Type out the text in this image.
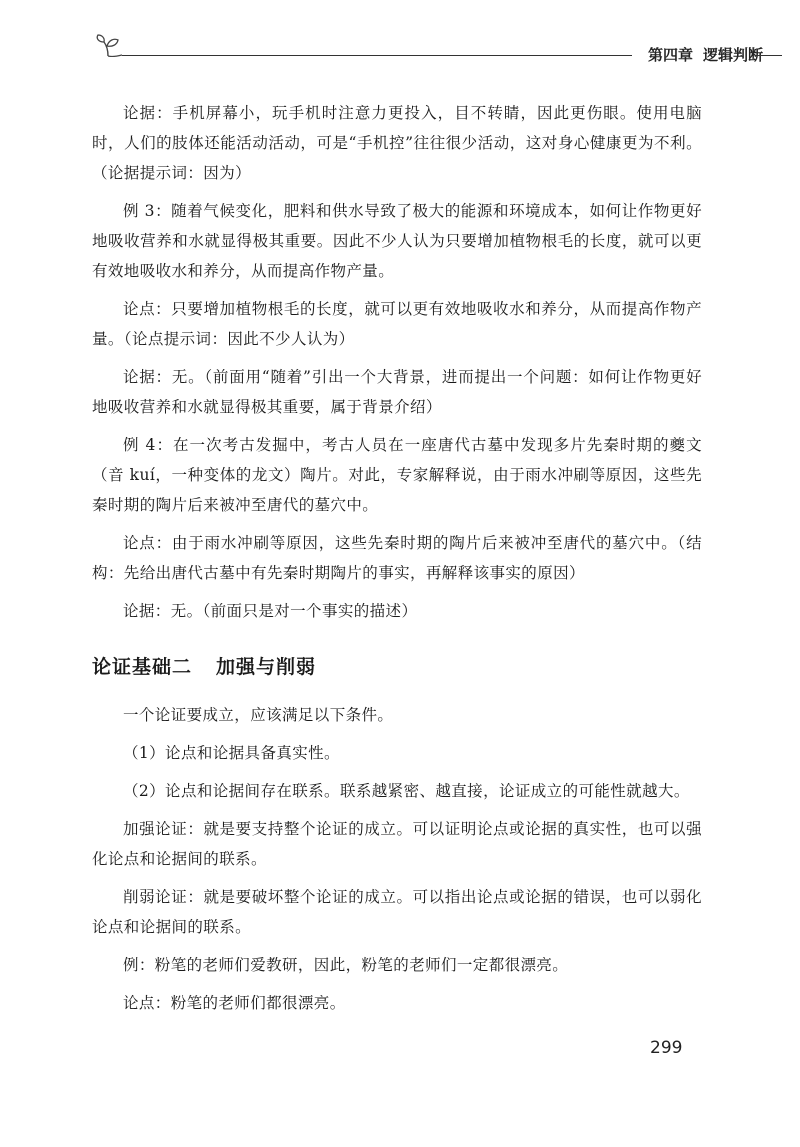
第四章 逻辑判断

论据：手机屏幕小，玩手机时注意力更投入，目不转睛，因此更伤眼。使用电脑时，人们的肢体还能活动活动，可是“手机控”往往很少活动，这对身心健康更为不利。（论据提示词：因为）

例 3：随着气候变化，肥料和供水导致了极大的能源和环境成本，如何让作物更好地吸收营养和水就显得极其重要。因此不少人认为只要增加植物根毛的长度，就可以更有效地吸收水和养分，从而提高作物产量。

论点：只要增加植物根毛的长度，就可以更有效地吸收水和养分，从而提高作物产量。（论点提示词：因此不少人认为）

论据：无。（前面用“随着”引出一个大背景，进而提出一个问题：如何让作物更好地吸收营养和水就显得极其重要，属于背景介绍）

例 4：在一次考古发掘中，考古人员在一座唐代古墓中发现多片先秦时期的夔文（音 kuí，一种变体的龙文）陶片。对此，专家解释说，由于雨水冲刷等原因，这些先秦时期的陶片后来被冲至唐代的墓穴中。

论点：由于雨水冲刷等原因，这些先秦时期的陶片后来被冲至唐代的墓穴中。（结构：先给出唐代古墓中有先秦时期陶片的事实，再解释该事实的原因）

论据：无。（前面只是对一个事实的描述）

论证基础二 加强与削弱

一个论证要成立，应该满足以下条件。

（1）论点和论据具备真实性。

（2）论点和论据间存在联系。联系越紧密、越直接，论证成立的可能性就越大。

加强论证：就是要支持整个论证的成立。可以证明论点或论据的真实性，也可以强化论点和论据间的联系。

削弱论证：就是要破坏整个论证的成立。可以指出论点或论据的错误，也可以弱化论点和论据间的联系。

例：粉笔的老师们爱教研，因此，粉笔的老师们一定都很漂亮。

论点：粉笔的老师们都很漂亮。

299
